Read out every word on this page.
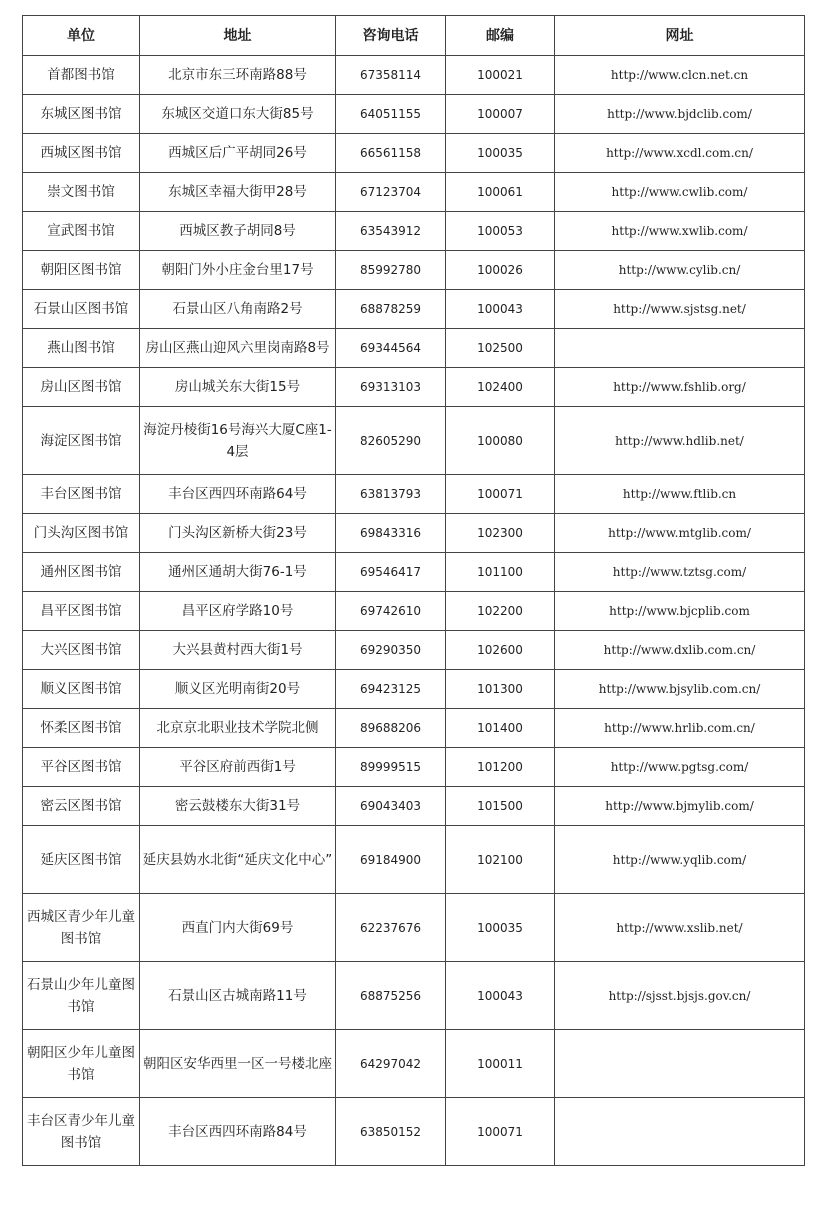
单位	地址	咨询电话	邮编	网址
首都图书馆	北京市东三环南路88号	67358114	100021	http://www.clcn.net.cn
东城区图书馆	东城区交道口东大街85号	64051155	100007	http://www.bjdclib.com/
西城区图书馆	西城区后广平胡同26号	66561158	100035	http://www.xcdl.com.cn/
崇文图书馆	东城区幸福大街甲28号	67123704	100061	http://www.cwlib.com/
宣武图书馆	西城区教子胡同8号	63543912	100053	http://www.xwlib.com/
朝阳区图书馆	朝阳门外小庄金台里17号	85992780	100026	http://www.cylib.cn/
石景山区图书馆	石景山区八角南路2号	68878259	100043	http://www.sjstsg.net/
燕山图书馆	房山区燕山迎风六里岗南路8号	69344564	102500	
房山区图书馆	房山城关东大街15号	69313103	102400	http://www.fshlib.org/
海淀区图书馆	海淀丹棱街16号海兴大厦C座1-4层	82605290	100080	http://www.hdlib.net/
丰台区图书馆	丰台区西四环南路64号	63813793	100071	http://www.ftlib.cn
门头沟区图书馆	门头沟区新桥大街23号	69843316	102300	http://www.mtglib.com/
通州区图书馆	通州区通胡大街76-1号	69546417	101100	http://www.tztsg.com/
昌平区图书馆	昌平区府学路10号	69742610	102200	http://www.bjcplib.com
大兴区图书馆	大兴县黄村西大街1号	69290350	102600	http://www.dxlib.com.cn/
顺义区图书馆	顺义区光明南街20号	69423125	101300	http://www.bjsylib.com.cn/
怀柔区图书馆	北京京北职业技术学院北侧	89688206	101400	http://www.hrlib.com.cn/
平谷区图书馆	平谷区府前西街1号	89999515	101200	http://www.pgtsg.com/
密云区图书馆	密云鼓楼东大街31号	69043403	101500	http://www.bjmylib.com/
延庆区图书馆	延庆县妫水北街“延庆文化中心”	69184900	102100	http://www.yqlib.com/
西城区青少年儿童图书馆	西直门内大街69号	62237676	100035	http://www.xslib.net/
石景山少年儿童图书馆	石景山区古城南路11号	68875256	100043	http://sjsst.bjsjs.gov.cn/
朝阳区少年儿童图书馆	朝阳区安华西里一区一号楼北座	64297042	100011	
丰台区青少年儿童图书馆	丰台区西四环南路84号	63850152	100071	
